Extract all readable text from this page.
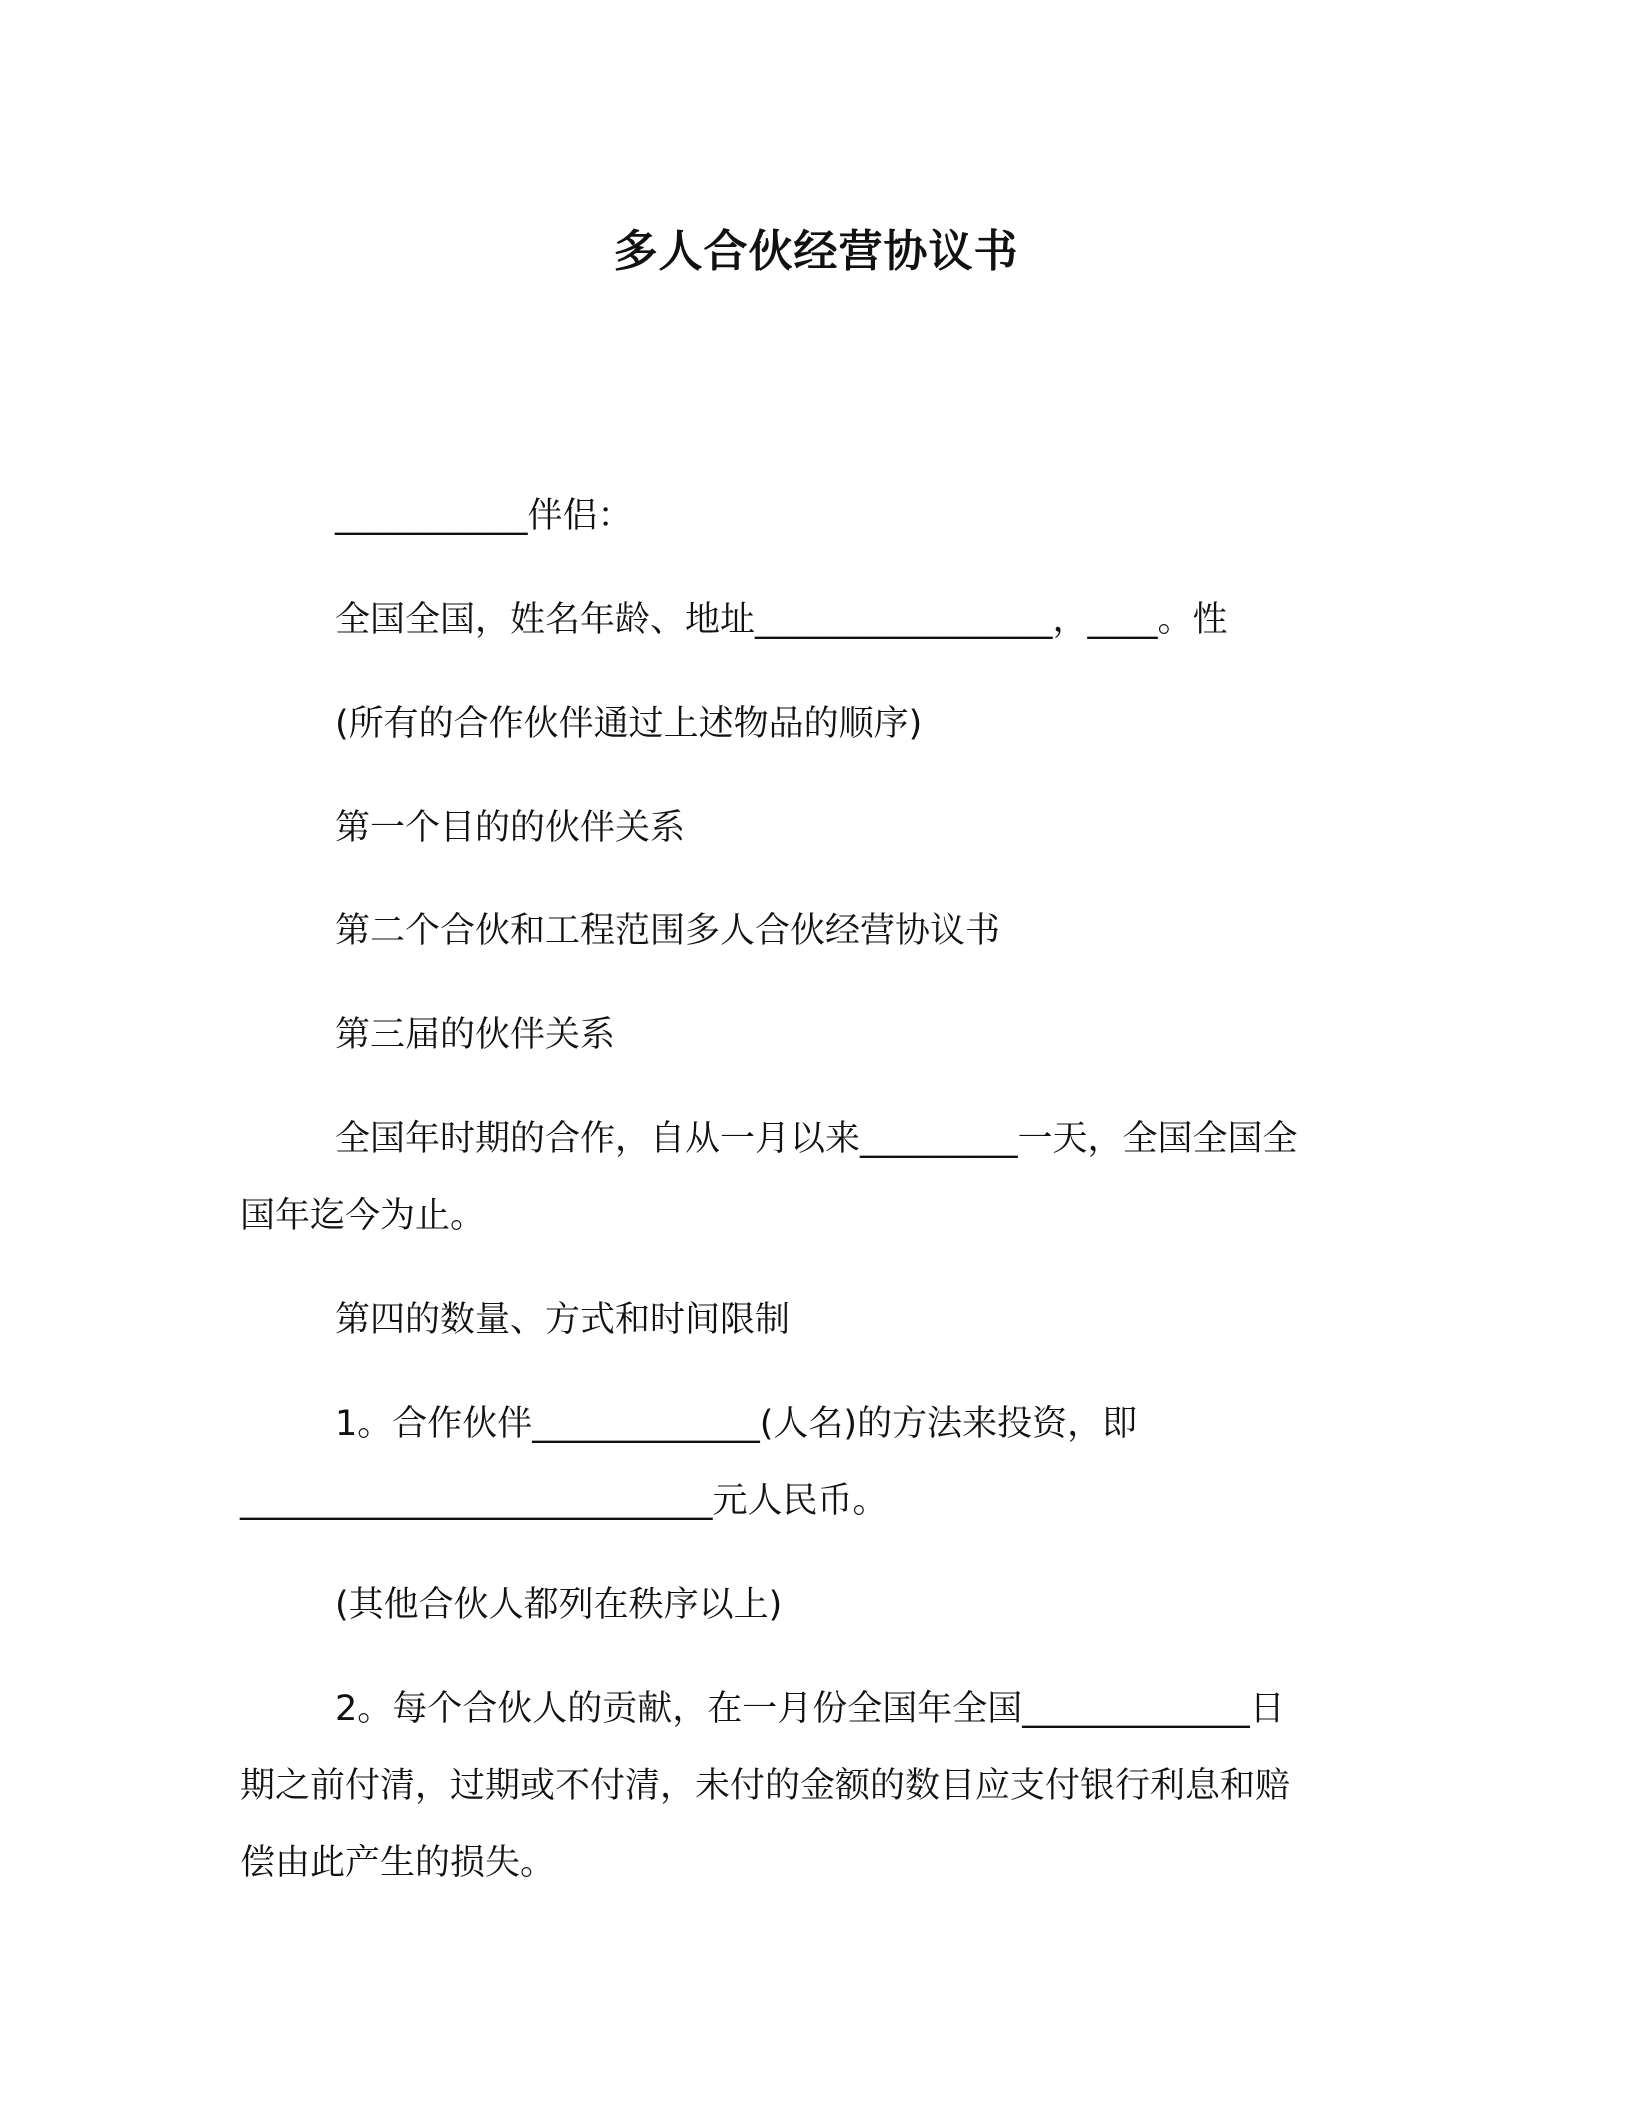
多人合伙经营协议书
___________伴侣：
全国全国，姓名年龄、地址_________________，____。性
(所有的合作伙伴通过上述物品的顺序)
第一个目的的伙伴关系
第二个合伙和工程范围多人合伙经营协议书
第三届的伙伴关系
全国年时期的合作，自从一月以来_________一天，全国全国全
国年迄今为止。
第四的数量、方式和时间限制
1。合作伙伴_____________(人名)的方法来投资，即
___________________________元人民币。
(其他合伙人都列在秩序以上)
2。每个合伙人的贡献，在一月份全国年全国_____________日
期之前付清，过期或不付清，未付的金额的数目应支付银行利息和赔
偿由此产生的损失。
